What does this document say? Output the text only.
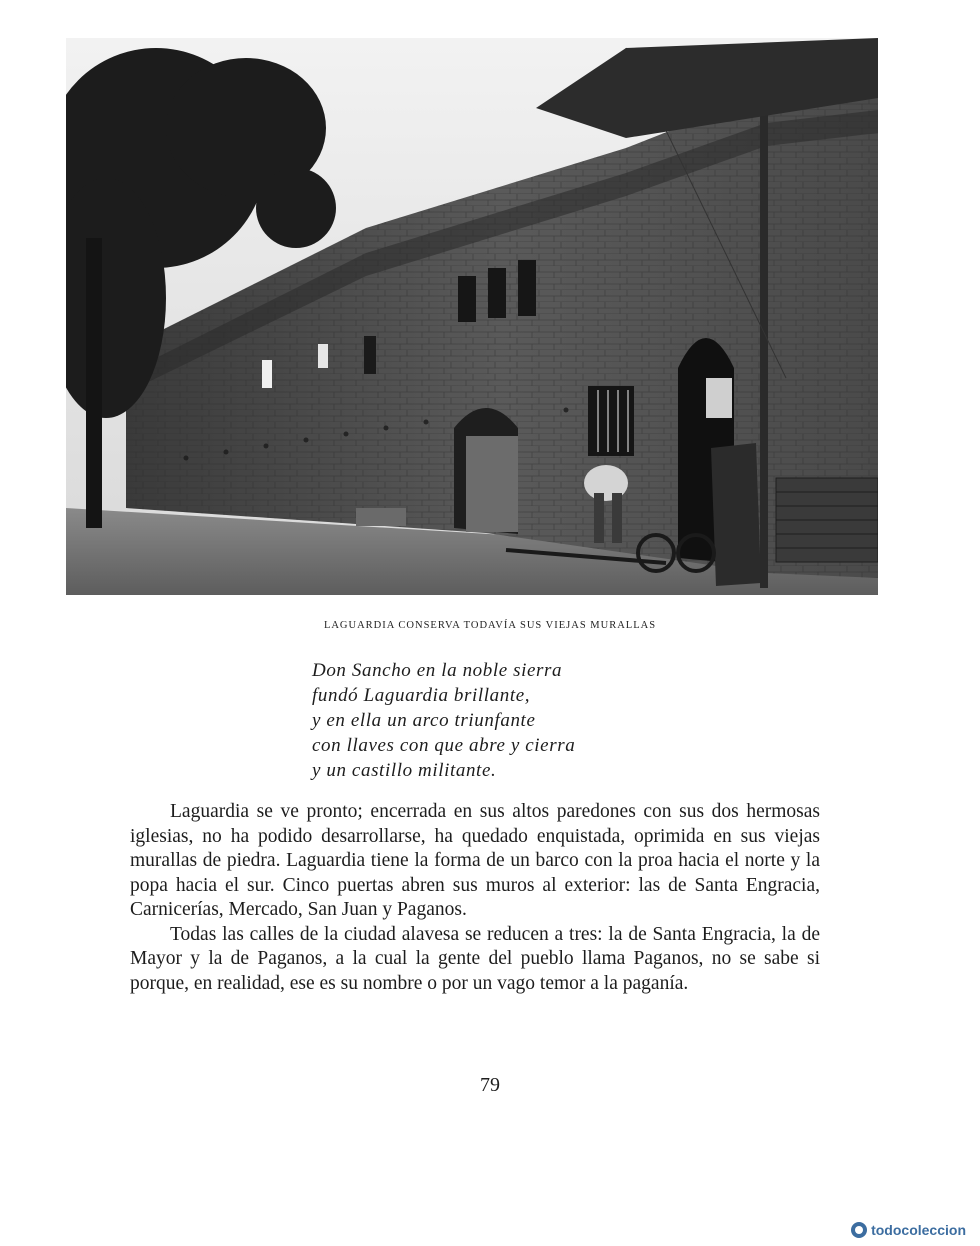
LAGUARDIA CONSERVA TODAVÍA SUS VIEJAS MURALLAS
Don Sancho en la noble sierra
fundó Laguardia brillante,
y en ella un arco triunfante
con llaves con que abre y cierra
y un castillo militante.

Laguardia se ve pronto; encerrada en sus altos paredones con sus dos hermosas iglesias, no ha podido desarrollarse, ha quedado enquistada, oprimida en sus viejas murallas de piedra. Laguardia tiene la forma de un barco con la proa hacia el norte y la popa hacia el sur. Cinco puertas abren sus muros al exterior: las de Santa Engracia, Carnicerías, Mercado, San Juan y Paganos.

Todas las calles de la ciudad alavesa se reducen a tres: la de Santa Engracia, la de Mayor y la de Paganos, a la cual la gente del pueblo llama Paganos, no se sabe si porque, en realidad, ese es su nombre o por un vago temor a la paganía.

79
todocoleccion
